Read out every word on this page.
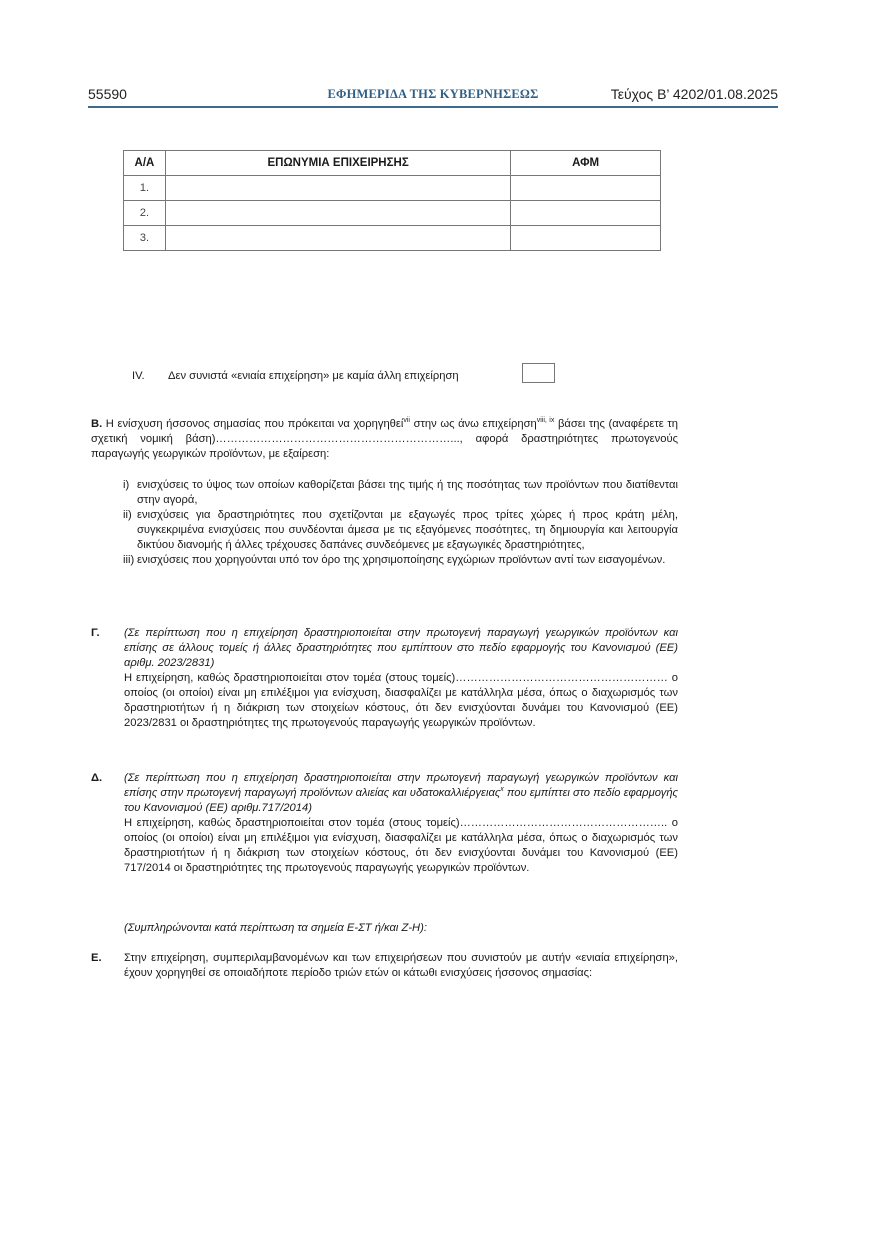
55590	ΕΦΗΜΕΡΙΔΑ ΤΗΣ ΚΥΒΕΡΝΗΣΕΩΣ	Τεύχος Β’ 4202/01.08.2025
Α/Α	ΕΠΩΝΥΜΙΑ ΕΠΙΧΕΙΡΗΣΗΣ	ΑΦΜ
1.		
2.		
3.		
IV. Δεν συνιστά «ενιαία επιχείρηση» με καμία άλλη επιχείρηση
Β. Η ενίσχυση ήσσονος σημασίας που πρόκειται να χορηγηθεί$^{vii}$ στην ως άνω επιχείρηση$^{viii, ix}$ βάσει της (αναφέρετε τη σχετική νομική βάση)………………………………………………………..., αφορά δραστηριότητες πρωτογενούς παραγωγής γεωργικών προϊόντων, με εξαίρεση:
i) ενισχύσεις το ύψος των οποίων καθορίζεται βάσει της τιμής ή της ποσότητας των προϊόντων που διατίθενται στην αγορά,
ii) ενισχύσεις για δραστηριότητες που σχετίζονται με εξαγωγές προς τρίτες χώρες ή προς κράτη μέλη, συγκεκριμένα ενισχύσεις που συνδέονται άμεσα με τις εξαγόμενες ποσότητες, τη δημιουργία και λειτουργία δικτύου διανομής ή άλλες τρέχουσες δαπάνες συνδεόμενες με εξαγωγικές δραστηριότητες,
iii) ενισχύσεις που χορηγούνται υπό τον όρο της χρησιμοποίησης εγχώριων προϊόντων αντί των εισαγομένων.
Γ.	(Σε περίπτωση που η επιχείρηση δραστηριοποιείται στην πρωτογενή παραγωγή γεωργικών προϊόντων και επίσης σε άλλους τομείς ή άλλες δραστηριότητες που εμπίπτουν στο πεδίο εφαρμογής του Κανονισμού (ΕΕ) αριθμ. 2023/2831)
Η επιχείρηση, καθώς δραστηριοποιείται στον τομέα (στους τομείς)………………………………………………… ο οποίος (οι οποίοι) είναι μη επιλέξιμοι για ενίσχυση, διασφαλίζει με κατάλληλα μέσα, όπως ο διαχωρισμός των δραστηριοτήτων ή η διάκριση των στοιχείων κόστους, ότι δεν ενισχύονται δυνάμει του Κανονισμού (ΕΕ) 2023/2831 οι δραστηριότητες της πρωτογενούς παραγωγής γεωργικών προϊόντων.
Δ.	(Σε περίπτωση που η επιχείρηση δραστηριοποιείται στην πρωτογενή παραγωγή γεωργικών προϊόντων και επίσης στην πρωτογενή παραγωγή προϊόντων αλιείας και υδατοκαλλιέργειας$^x$ που εμπίπτει στο πεδίο εφαρμογής του Κανονισμού (ΕΕ) αριθμ.717/2014)
Η επιχείρηση, καθώς δραστηριοποιείται στον τομέα (στους τομείς)……………………………………………….. ο οποίος (οι οποίοι) είναι μη επιλέξιμοι για ενίσχυση, διασφαλίζει με κατάλληλα μέσα, όπως ο διαχωρισμός των δραστηριοτήτων ή η διάκριση των στοιχείων κόστους, ότι δεν ενισχύονται δυνάμει του Κανονισμού (ΕΕ) 717/2014 οι δραστηριότητες της πρωτογενούς παραγωγής γεωργικών προϊόντων.
(Συμπληρώνονται κατά περίπτωση τα σημεία Ε-ΣΤ ή/και Ζ-Η):
Ε.	Στην επιχείρηση, συμπεριλαμβανομένων και των επιχειρήσεων που συνιστούν με αυτήν «ενιαία επιχείρηση», έχουν χορηγηθεί σε οποιαδήποτε περίοδο τριών ετών οι κάτωθι ενισχύσεις ήσσονος σημασίας:
